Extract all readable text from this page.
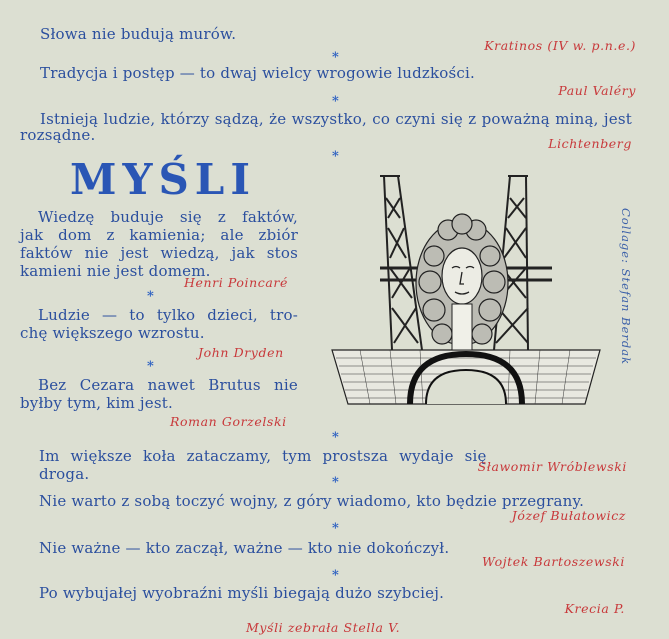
Słowa nie budują murów.
Kratinos (IV w. p.n.e.)
*
Tradycja i postęp — to dwaj wielcy wrogowie ludzkości.
Paul Valéry
*
Istnieją ludzie, którzy sądzą, że wszystko, co czyni się z poważną miną, jest
rozsądne.	Lichtenberg
*
MYŚLI
Wiedzę buduje się z faktów,
jak dom z kamienia; ale zbiór
faktów nie jest wiedzą, jak stos
kamieni nie jest domem.
Henri Poincaré
*
Ludzie — to tylko dzieci, tro-
chę większego wzrostu.
John Dryden
*
Bez Cezara nawet Brutus nie
byłby tym, kim jest.
Roman Gorzelski
Collage: Stefan Berdak
*
Im większe koła zataczamy, tym prostsza wydaje się droga.	Sławomir Wróblewski
*
Nie warto z sobą toczyć wojny, z góry wiadomo, kto będzie przegrany.
Józef Bułatowicz
*
Nie ważne — kto zaczął, ważne — kto nie dokończył.
Wojtek Bartoszewski
*
Po wybujałej wyobraźni myśli biegają dużo szybciej.
Krecia P.
Myśli zebrała Stella V.
